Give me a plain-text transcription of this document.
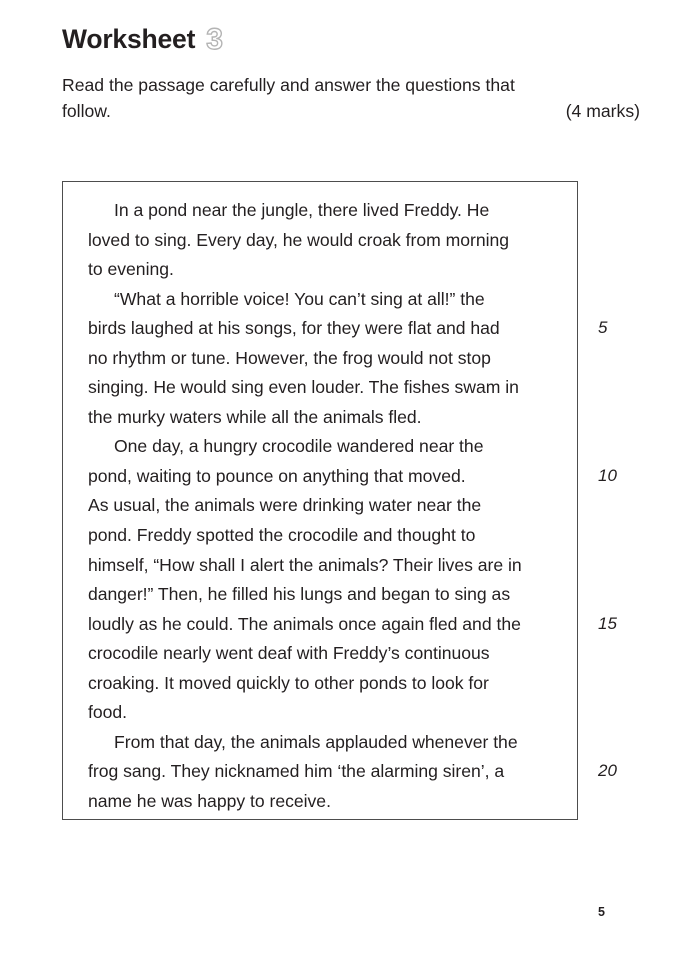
Worksheet 3
Read the passage carefully and answer the questions that
follow.	(4 marks)
In a pond near the jungle, there lived Freddy. He
loved to sing. Every day, he would croak from morning
to evening.
“What a horrible voice! You can’t sing at all!” the
birds laughed at his songs, for they were flat and had
no rhythm or tune. However, the frog would not stop
singing. He would sing even louder. The fishes swam in
the murky waters while all the animals fled.
One day, a hungry crocodile wandered near the
pond, waiting to pounce on anything that moved.
As usual, the animals were drinking water near the
pond. Freddy spotted the crocodile and thought to
himself, “How shall I alert the animals? Their lives are in
danger!” Then, he filled his lungs and began to sing as
loudly as he could. The animals once again fled and the
crocodile nearly went deaf with Freddy’s continuous
croaking. It moved quickly to other ponds to look for
food.
From that day, the animals applauded whenever the
frog sang. They nicknamed him ‘the alarming siren’, a
name he was happy to receive.
5
10
15
20
5
